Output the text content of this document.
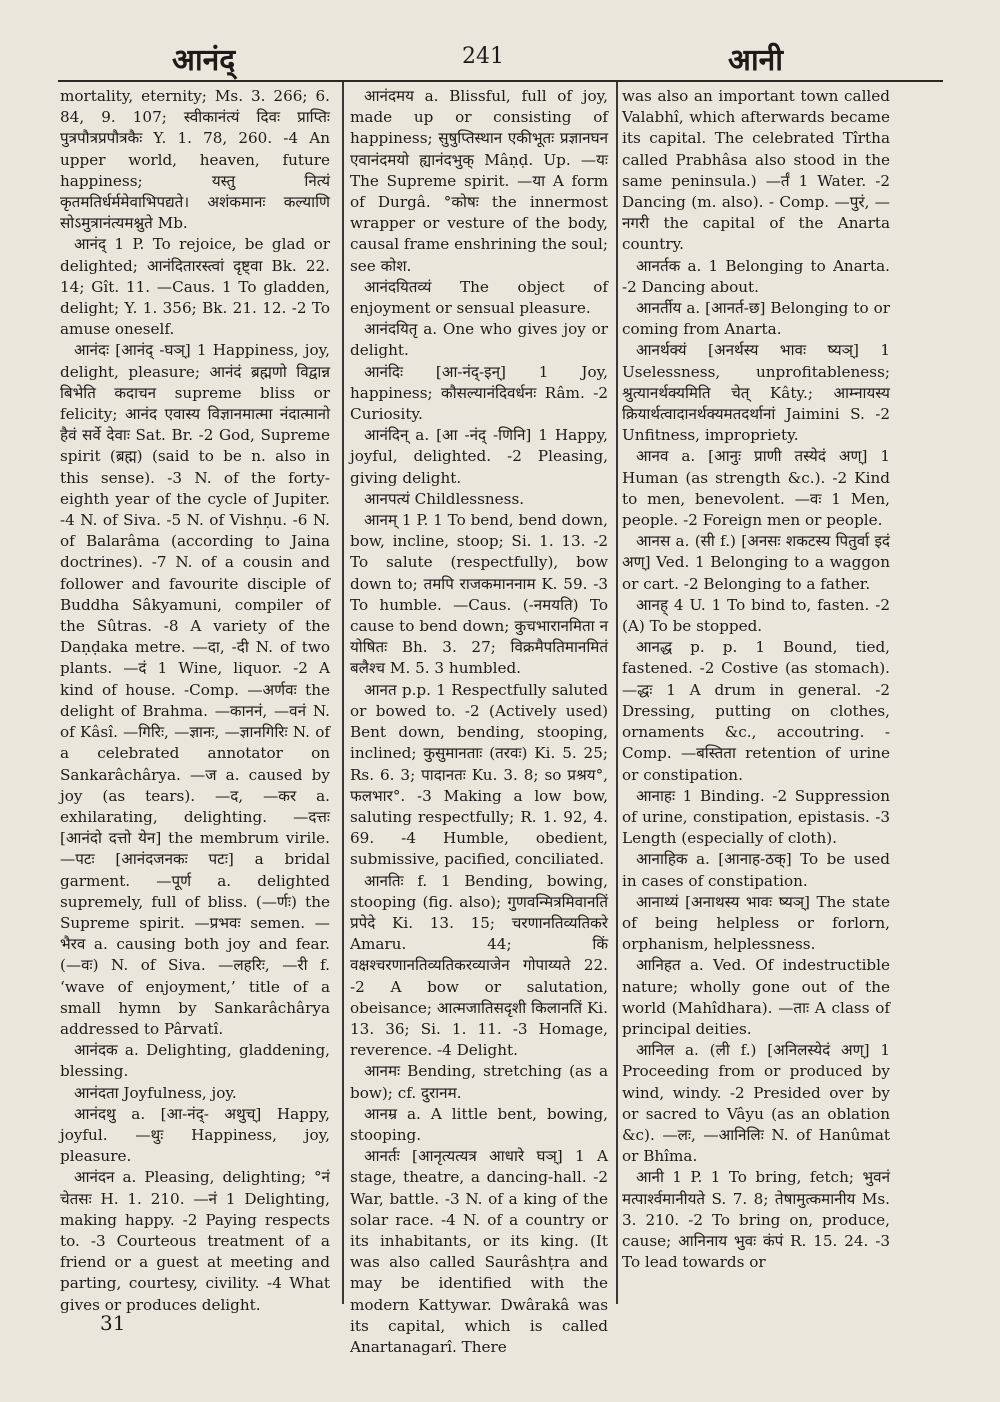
आनंद्	241	आनी

mortality, eternity; Ms. 3. 266; 6. 84, 9. 107; स्वीकानंत्यं दिवः प्राप्तिः पुत्रपौत्रप्रपौत्रकैः Y. 1. 78, 260. -4 An upper world, heaven, future happiness; यस्तु नित्यं कृतमतिर्धर्ममेवाभिपद्यते। अशंकमानः कल्याणि सोऽमुत्रानंत्यमश्नुते Mb.

आनंद् 1 P. To rejoice, be glad or delighted; आनंदितारस्त्वां दृष्ट्वा Bk. 22. 14; Gît. 11. —Caus. 1 To gladden, delight; Y. 1. 356; Bk. 21. 12. -2 To amuse oneself.

आनंदः [आनंद् -घञ्] 1 Happiness, joy, delight, pleasure; आनंदं ब्रह्मणो विद्वान्न बिभेति कदाचन supreme bliss or felicity; आनंद एवास्य विज्ञानमात्मा नंदात्मानो हैवं सर्वे देवाः Sat. Br. -2 God, Supreme spirit (ब्रह्म) (said to be n. also in this sense). -3 N. of the forty-eighth year of the cycle of Jupiter. -4 N. of Siva. -5 N. of Vishṇu. -6 N. of Balarâma (according to Jaina doctrines). -7 N. of a cousin and follower and favourite disciple of Buddha Sâkyamuni, compiler of the Sûtras. -8 A variety of the Daṇḍaka metre. —दा, -दी N. of two plants. —दं 1 Wine, liquor. -2 A kind of house. -Comp. —अर्णवः the delight of Brahma. —काननं, —वनं N. of Kâsî. —गिरिः, —ज्ञानः, —ज्ञानगिरिः N. of a celebrated annotator on Sankarâchârya. —ज a. caused by joy (as tears). —द, —कर a. exhilarating, delighting. —दत्तः [आनंदो दत्तो येन] the membrum virile. —पटः [आनंदजनकः पटः] a bridal garment. —पूर्ण a. delighted supremely, full of bliss. (—र्णः) the Supreme spirit. —प्रभवः semen. —भैरव a. causing both joy and fear. (—वः) N. of Siva. —लहरिः, —री f. ‘wave of enjoyment,’ title of a small hymn by Sankarâchârya addressed to Pârvatî.

आनंदक a. Delighting, gladdening, blessing.

आनंदता Joyfulness, joy.

आनंदथु a. [आ-नंद्- अथुच्] Happy, joyful. —थुः Happiness, joy, pleasure.

आनंदन a. Pleasing, delighting; °नं चेतसः H. 1. 210. —नं 1 Delighting, making happy. -2 Paying respects to. -3 Courteous treatment of a friend or a guest at meeting and parting, courtesy, civility. -4 What gives or produces delight.

आनंदमय a. Blissful, full of joy, made up or consisting of happiness; सुषुप्तिस्थान एकीभूतः प्रज्ञानघन एवानंदमयो ह्यानंदभुक् Mâṇḍ. Up. —यः The Supreme spirit. —या A form of Durgâ. °कोषः the innermost wrapper or vesture of the body, causal frame enshrining the soul; see कोश.

आनंदयितव्यं The object of enjoyment or sensual pleasure.

आनंदयितृ a. One who gives joy or delight.

आनंदिः [आ-नंद्-इन्] 1 Joy, happiness; कौसल्यानंदिवर्धनः Râm. -2 Curiosity.

आनंदिन् a. [आ -नंद् -णिनि] 1 Happy, joyful, delighted. -2 Pleasing, giving delight.

आनपत्यं Childlessness.

आनम् 1 P. 1 To bend, bend down, bow, incline, stoop; Si. 1. 13. -2 To salute (respectfully), bow down to; तमपि राजकमाननाम K. 59. -3 To humble. —Caus. (-नमयति) To cause to bend down; कुचभारानमिता न योषितः Bh. 3. 27; विक्रमैपतिमानमितं बलैश्च M. 5. 3 humbled.

आनत p.p. 1 Respectfully saluted or bowed to. -2 (Actively used) Bent down, bending, stooping, inclined; कुसुमानताः (तरवः) Ki. 5. 25; Rs. 6. 3; पादानतः Ku. 3. 8; so प्रश्रय°, फलभार°. -3 Making a low bow, saluting respectfully; R. 1. 92, 4. 69. -4 Humble, obedient, submissive, pacified, conciliated.

आनतिः f. 1 Bending, bowing, stooping (fig. also); गुणवन्मित्रमिवानतिं प्रपेदे Ki. 13. 15; चरणानतिव्यतिकरे Amaru. 44; किं वक्षश्चरणानतिव्यतिकरव्याजेन गोपाय्यते 22. -2 A bow or salutation, obeisance; आत्मजातिसदृशी किलानतिं Ki. 13. 36; Si. 1. 11. -3 Homage, reverence. -4 Delight.

आनमः Bending, stretching (as a bow); cf. दुरानम.

आनम्र a. A little bent, bowing, stooping.

आनर्तः [आनृत्यत्यत्र आधारे घञ्] 1 A stage, theatre, a dancing-hall. -2 War, battle. -3 N. of a king of the solar race. -4 N. of a country or its inhabitants, or its king. (It was also called Saurâshṭra and may be identified with the modern Kattywar. Dwârakâ was its capital, which is called Anartanagarî. There

was also an important town called Valabhî, which afterwards became its capital. The celebrated Tîrtha called Prabhâsa also stood in the same peninsula.) —र्तं 1 Water. -2 Dancing (m. also). - Comp. —पुरं, —नगरी the capital of the Anarta country.

आनर्तक a. 1 Belonging to Anarta. -2 Dancing about.

आनर्तीय a. [आनर्त-छ] Belonging to or coming from Anarta.

आनर्थक्यं [अनर्थस्य भावः ष्यञ्] 1 Uselessness, unprofitableness; श्रुत्यानर्थक्यमिति चेत् Kâty.; आम्नायस्य क्रियार्थत्वादानर्थक्यमतदर्थानां Jaimini S. -2 Unfitness, impropriety.

आनव a. [आनुः प्राणी तस्येदं अण्] 1 Human (as strength &c.). -2 Kind to men, benevolent. —वः 1 Men, people. -2 Foreign men or people.

आनस a. (सी f.) [अनसः शकटस्य पितुर्वा इदं अण्] Ved. 1 Belonging to a waggon or cart. -2 Belonging to a father.

आनह् 4 U. 1 To bind to, fasten. -2 (A) To be stopped.

आनद्ध p. p. 1 Bound, tied, fastened. -2 Costive (as stomach). —द्धः 1 A drum in general. -2 Dressing, putting on clothes, ornaments &c., accoutring. -Comp. —बस्तिता retention of urine or constipation.

आनाहः 1 Binding. -2 Suppression of urine, constipation, epistasis. -3 Length (especially of cloth).

आनाहिक a. [आनाह-ठक्] To be used in cases of constipation.

आनाथ्यं [अनाथस्य भावः ष्यञ्] The state of being helpless or forlorn, orphanism, helplessness.

आनिहत a. Ved. Of indestructible nature; wholly gone out of the world (Mahîdhara). —ताः A class of principal deities.

आनिल a. (ली f.) [अनिलस्येदं अण्] 1 Proceeding from or produced by wind, windy. -2 Presided over by or sacred to Vâyu (as an oblation &c). —लः, —आनिलिः N. of Hanûmat or Bhîma.

आनी 1 P. 1 To bring, fetch; भुवनं मत्पार्श्वमानीयते S. 7. 8; तेषामुत्कमानीय Ms. 3. 210. -2 To bring on, produce, cause; आनिनाय भुवः कंपं R. 15. 24. -3 To lead towards or

31
